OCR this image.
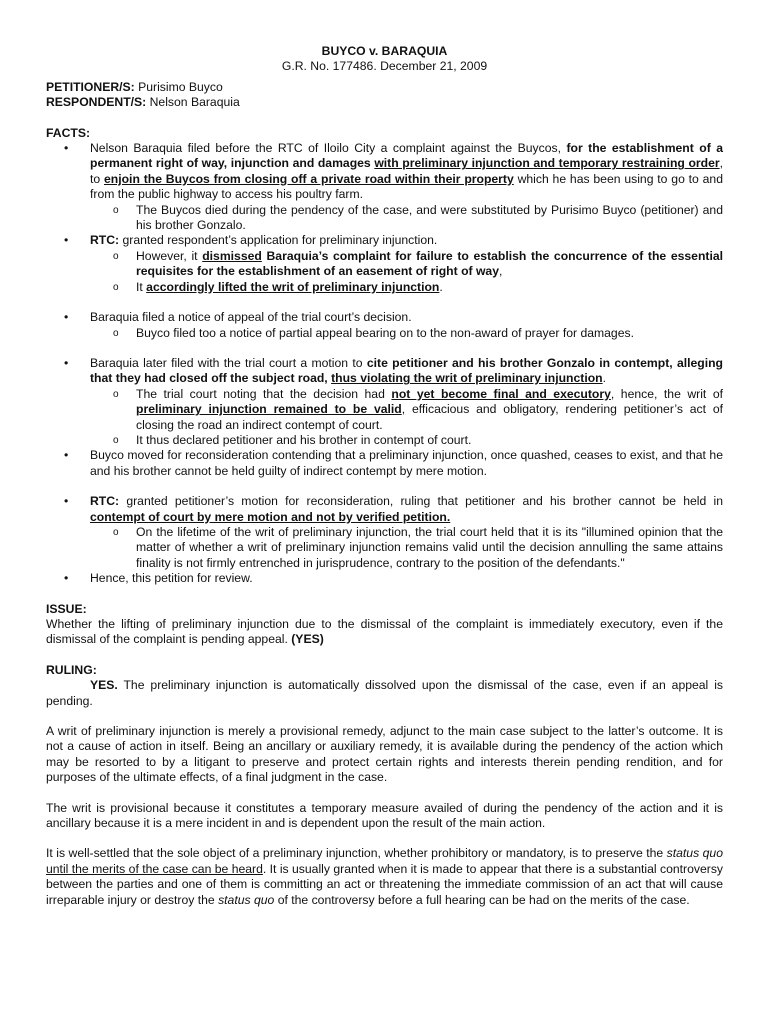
BUYCO v. BARAQUIA

G.R. No. 177486. December 21, 2009

PETITIONER/S: Purisimo Buyco

RESPONDENT/S: Nelson Baraquia

FACTS:

• Nelson Baraquia filed before the RTC of Iloilo City a complaint against the Buycos, for the establishment of a permanent right of way, injunction and damages with preliminary injunction and temporary restraining order, to enjoin the Buycos from closing off a private road within their property which he has been using to go to and from the public highway to access his poultry farm.
o The Buycos died during the pendency of the case, and were substituted by Purisimo Buyco (petitioner) and his brother Gonzalo.
• RTC: granted respondent’s application for preliminary injunction.
o However, it dismissed Baraquia’s complaint for failure to establish the concurrence of the essential requisites for the establishment of an easement of right of way,
o It accordingly lifted the writ of preliminary injunction.
• Baraquia filed a notice of appeal of the trial court’s decision.
o Buyco filed too a notice of partial appeal bearing on to the non-award of prayer for damages.
• Baraquia later filed with the trial court a motion to cite petitioner and his brother Gonzalo in contempt, alleging that they had closed off the subject road, thus violating the writ of preliminary injunction.
o The trial court noting that the decision had not yet become final and executory, hence, the writ of preliminary injunction remained to be valid, efficacious and obligatory, rendering petitioner’s act of closing the road an indirect contempt of court.
o It thus declared petitioner and his brother in contempt of court.
• Buyco moved for reconsideration contending that a preliminary injunction, once quashed, ceases to exist, and that he and his brother cannot be held guilty of indirect contempt by mere motion.
• RTC: granted petitioner’s motion for reconsideration, ruling that petitioner and his brother cannot be held in contempt of court by mere motion and not by verified petition.
o On the lifetime of the writ of preliminary injunction, the trial court held that it is its "illumined opinion that the matter of whether a writ of preliminary injunction remains valid until the decision annulling the same attains finality is not firmly entrenched in jurisprudence, contrary to the position of the defendants."
• Hence, this petition for review.

ISSUE:

Whether the lifting of preliminary injunction due to the dismissal of the complaint is immediately executory, even if the dismissal of the complaint is pending appeal. (YES)

RULING:

YES. The preliminary injunction is automatically dissolved upon the dismissal of the case, even if an appeal is pending.

A writ of preliminary injunction is merely a provisional remedy, adjunct to the main case subject to the latter’s outcome. It is not a cause of action in itself. Being an ancillary or auxiliary remedy, it is available during the pendency of the action which may be resorted to by a litigant to preserve and protect certain rights and interests therein pending rendition, and for purposes of the ultimate effects, of a final judgment in the case.

The writ is provisional because it constitutes a temporary measure availed of during the pendency of the action and it is ancillary because it is a mere incident in and is dependent upon the result of the main action.

It is well-settled that the sole object of a preliminary injunction, whether prohibitory or mandatory, is to preserve the status quo until the merits of the case can be heard. It is usually granted when it is made to appear that there is a substantial controversy between the parties and one of them is committing an act or threatening the immediate commission of an act that will cause irreparable injury or destroy the status quo of the controversy before a full hearing can be had on the merits of the case.
